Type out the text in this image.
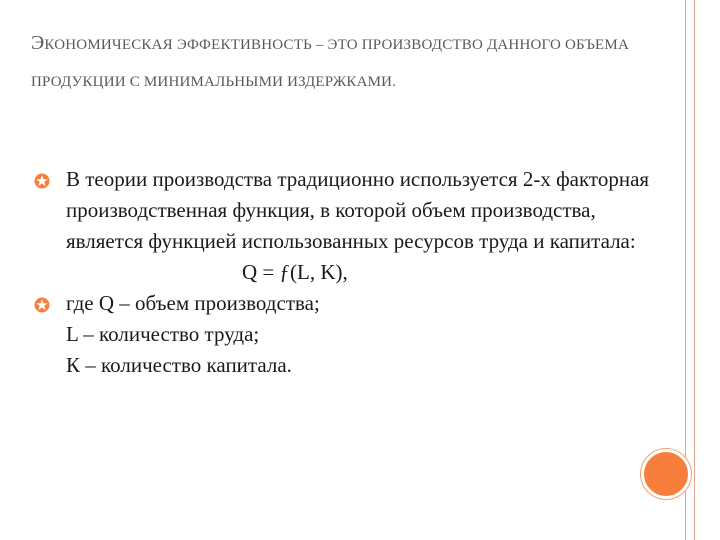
ЭКОНОМИЧЕСКАЯ ЭФФЕКТИВНОСТЬ – ЭТО ПРОИЗВОДСТВО ДАННОГО ОБЪЕМА ПРОДУКЦИИ С МИНИМАЛЬНЫМИ ИЗДЕРЖКАМИ.
В теории производства традиционно используется 2-х факторная производственная функция, в которой объем производства, является функцией использованных ресурсов труда и капитала:
Q = ƒ(L, K),
где Q – объем производства;
L – количество труда;
К – количество капитала.
